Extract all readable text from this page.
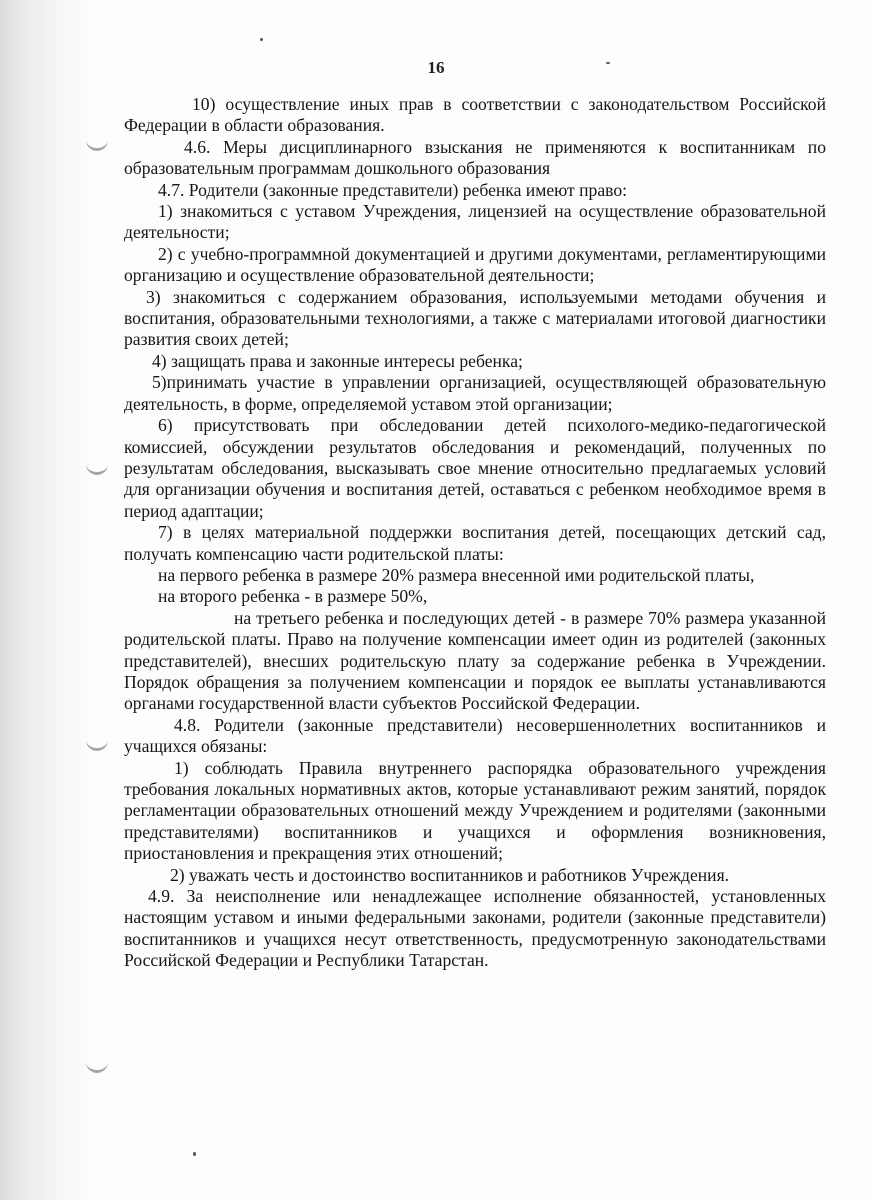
16

10) осуществление иных прав в соответствии с законодательством Российской Федерации в области образования.

4.6. Меры дисциплинарного взыскания не применяются к воспитанникам по образовательным программам дошкольного образования

4.7. Родители (законные представители) ребенка имеют право:

1) знакомиться с уставом Учреждения, лицензией на осуществление образовательной деятельности;

2) с учебно-программной документацией и другими документами, регламентирующими организацию и осуществление образовательной деятельности;

3) знакомиться с содержанием образования, используемыми методами обучения и воспитания, образовательными технологиями, а также с материалами итоговой диагностики развития своих детей;

4) защищать права и законные интересы ребенка;

5)принимать участие в управлении организацией, осуществляющей образовательную деятельность, в форме, определяемой уставом этой организации;

6) присутствовать при обследовании детей психолого-медико-педагогической комиссией, обсуждении результатов обследования и рекомендаций, полученных по результатам обследования, высказывать свое мнение относительно предлагаемых условий для организации обучения и воспитания детей, оставаться с ребенком необходимое время в период адаптации;

7) в целях материальной поддержки воспитания детей, посещающих детский сад, получать компенсацию части родительской платы:

на первого ребенка в размере 20% размера внесенной ими родительской платы,

на второго ребенка - в размере 50%,

на третьего ребенка и последующих детей - в размере 70% размера указанной родительской платы. Право на получение компенсации имеет один из родителей (законных представителей), внесших родительскую плату за содержание ребенка в Учреждении. Порядок обращения за получением компенсации и порядок ее выплаты устанавливаются органами государственной власти субъектов Российской Федерации.

4.8. Родители (законные представители) несовершеннолетних воспитанников и учащихся обязаны:

1) соблюдать Правила внутреннего распорядка образовательного учреждения требования локальных нормативных актов, которые устанавливают режим занятий, порядок регламентации образовательных отношений между Учреждением и родителями (законными представителями) воспитанников и учащихся и оформления возникновения, приостановления и прекращения этих отношений;

2) уважать честь и достоинство воспитанников и работников Учреждения.

4.9. За неисполнение или ненадлежащее исполнение обязанностей, установленных настоящим уставом и иными федеральными законами, родители (законные представители) воспитанников и учащихся несут ответственность, предусмотренную законодательствами Российской Федерации и Республики Татарстан.
